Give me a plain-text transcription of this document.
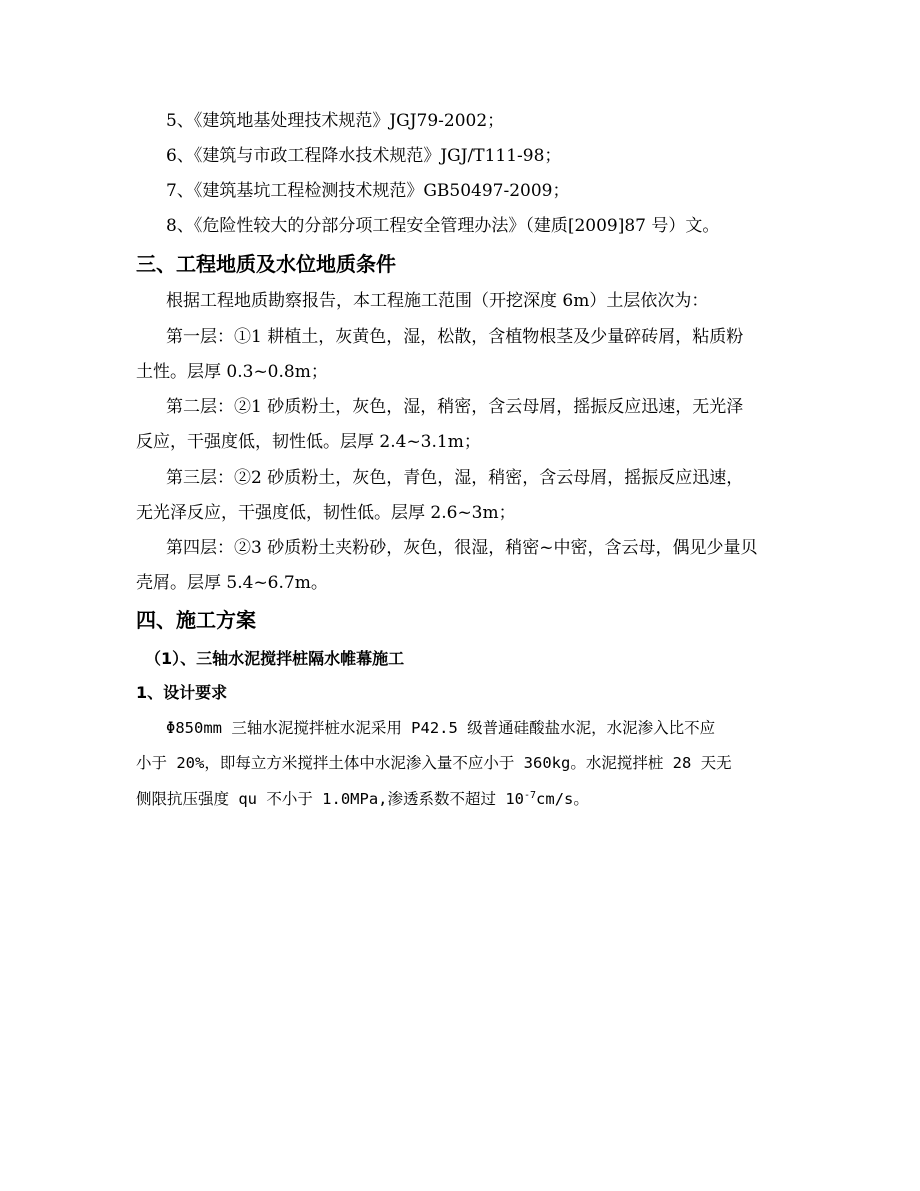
5、《建筑地基处理技术规范》JGJ79-2002；
6、《建筑与市政工程降水技术规范》JGJ/T111-98；
7、《建筑基坑工程检测技术规范》GB50497-2009；
8、《危险性较大的分部分项工程安全管理办法》（建质[2009]87 号）文。
三、工程地质及水位地质条件
根据工程地质勘察报告，本工程施工范围（开挖深度 6m）土层依次为：
第一层：①1 耕植土，灰黄色，湿，松散，含植物根茎及少量碎砖屑，粘质粉
土性。层厚 0.3~0.8m；
第二层：②1 砂质粉土，灰色，湿，稍密，含云母屑，摇振反应迅速，无光泽
反应，干强度低，韧性低。层厚 2.4~3.1m；
第三层：②2 砂质粉土，灰色，青色，湿，稍密，含云母屑，摇振反应迅速，
无光泽反应，干强度低，韧性低。层厚 2.6~3m；
第四层：②3 砂质粉土夹粉砂，灰色，很湿，稍密~中密，含云母，偶见少量贝
壳屑。层厚 5.4~6.7m。
四、施工方案
（1）、三轴水泥搅拌桩隔水帷幕施工
1、设计要求
Φ850mm 三轴水泥搅拌桩水泥采用 P42.5 级普通硅酸盐水泥，水泥渗入比不应
小于 20%，即每立方米搅拌土体中水泥渗入量不应小于 360kg。水泥搅拌桩 28 天无
侧限抗压强度 qu 不小于 1.0MPa,渗透系数不超过 $10^{-7}cm/s$。
